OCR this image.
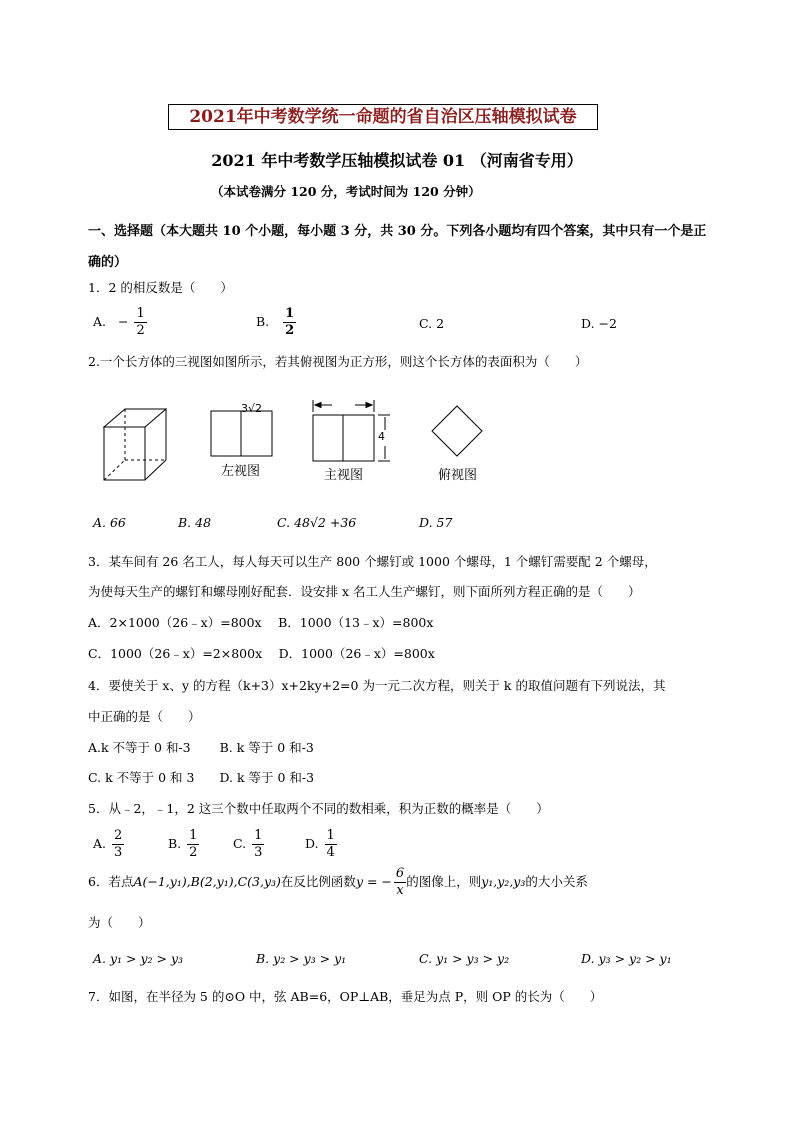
2021年中考数学统一命题的省自治区压轴模拟试卷
2021 年中考数学压轴模拟试卷 01 （河南省专用）
（本试卷满分 120 分，考试时间为 120 分钟）
一、选择题（本大题共 10 个小题，每小题 3 分，共 30 分。下列各小题均有四个答案，其中只有一个是正确的）
1．2 的相反数是（　　）
A. − $\frac{1}{2}$	B. $\frac{1}{2}$	C. 2	D. −2
2.一个长方体的三视图如图所示，若其俯视图为正方形，则这个长方体的表面积为（　　）
3√2
4
左视图	主视图	俯视图
A. 66	B. 48	C. 48√2 +36	D. 57
3．某车间有 26 名工人，每人每天可以生产 800 个螺钉或 1000 个螺母，1 个螺钉需要配 2 个螺母，
为使每天生产的螺钉和螺母刚好配套．设安排 x 名工人生产螺钉，则下面所列方程正确的是（　　）
A．2×1000（26﹣x）=800x　 B．1000（13﹣x）=800x
C．1000（26﹣x）=2×800x　 D．1000（26﹣x）=800x
4．要使关于 x、y 的方程（k+3）x+2ky+2=0 为一元二次方程，则关于 k 的取值问题有下列说法，其
中正确的是（　　）
A.k 不等于 0 和-3　　 B. k 等于 0 和-3
C. k 不等于 0 和 3　　D. k 等于 0 和-3
5．从﹣2，﹣1，2 这三个数中任取两个不同的数相乘，积为正数的概率是（　　）
A. $\frac{2}{3}$	B. $\frac{1}{2}$	C. $\frac{1}{3}$	D. $\frac{1}{4}$
6．若点A(−1,y₁),B(2,y₁),C(3,y₃)在反比例函数y = − $\frac{6}{x}$ 的图像上，则y₁,y₂,y₃的大小关系
为（　　）
A. y₁ > y₂ > y₃	B. y₂ > y₃ > y₁	C. y₁ > y₃ > y₂	D. y₃ > y₂ > y₁
7．如图，在半径为 5 的⊙O 中，弦 AB=6，OP⊥AB，垂足为点 P，则 OP 的长为（　　）
